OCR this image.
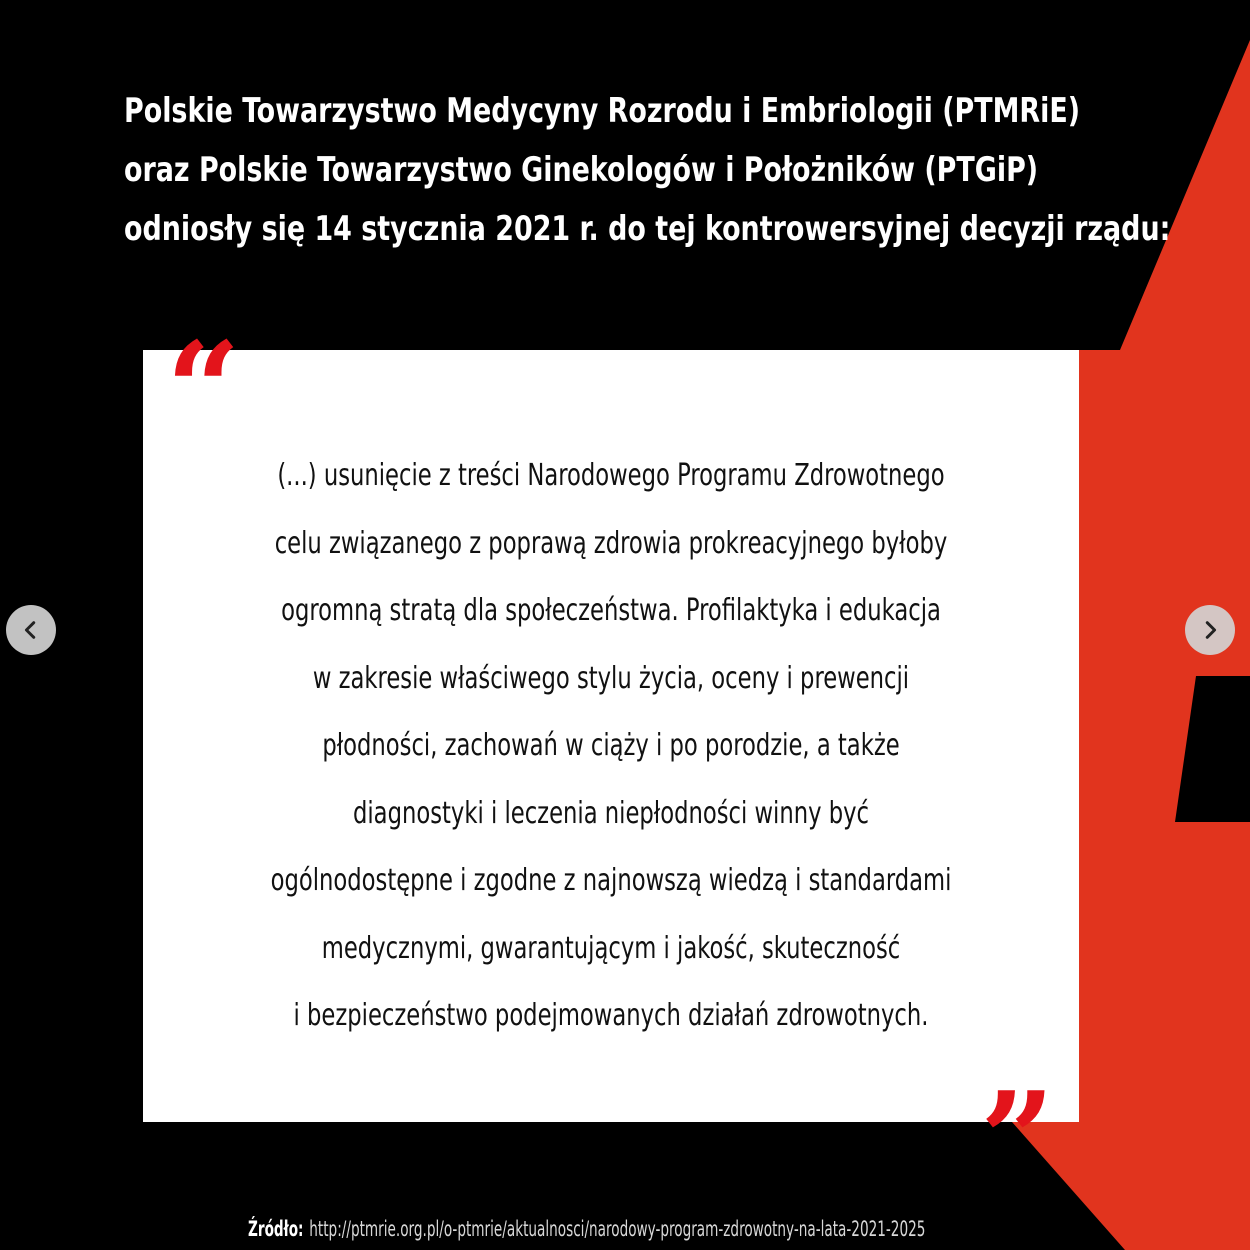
Polskie Towarzystwo Medycyny Rozrodu i Embriologii (PTMRiE)
oraz Polskie Towarzystwo Ginekologów i Położników (PTGiP)
odniosły się 14 stycznia 2021 r. do tej kontrowersyjnej decyzji rządu:
“
(...) usunięcie z treści Narodowego Programu Zdrowotnego
celu związanego z poprawą zdrowia prokreacyjnego byłoby
ogromną stratą dla społeczeństwa. Profilaktyka i edukacja
w zakresie właściwego stylu życia, oceny i prewencji
płodności, zachowań w ciąży i po porodzie, a także
diagnostyki i leczenia niepłodności winny być
ogólnodostępne i zgodne z najnowszą wiedzą i standardami
medycznymi, gwarantującym i jakość, skuteczność
i bezpieczeństwo podejmowanych działań zdrowotnych.
”
Źródło: http://ptmrie.org.pl/o-ptmrie/aktualnosci/narodowy-program-zdrowotny-na-lata-2021-2025
